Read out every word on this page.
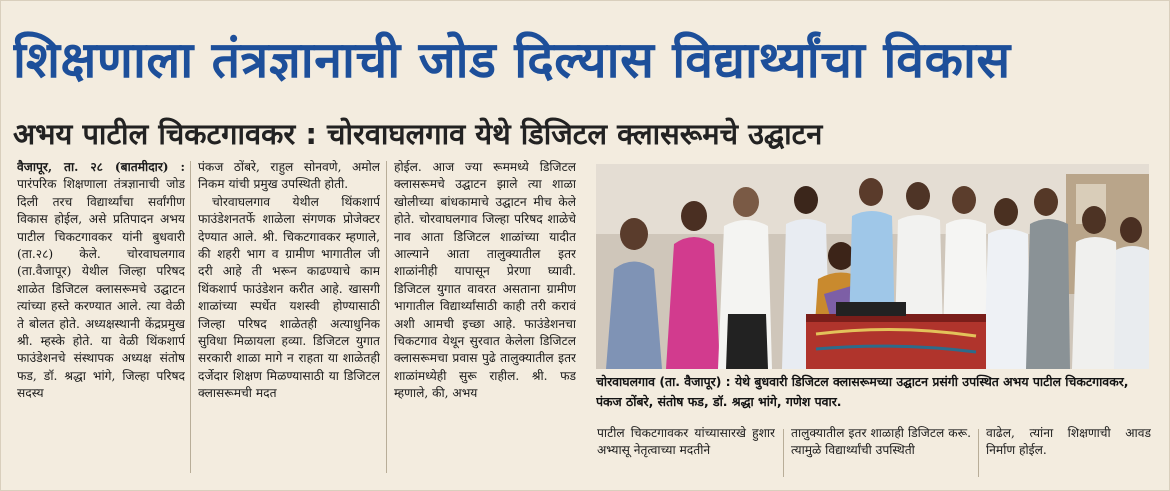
शिक्षणाला तंत्रज्ञानाची जोड दिल्यास विद्यार्थ्यांचा विकास
अभय पाटील चिकटगावकर : चोरवाघलगाव येथे डिजिटल क्लासरूमचे उद्घाटन

वैजापूर, ता. २८ (बातमीदार) : पारंपरिक शिक्षणाला तंत्रज्ञानाची जोड दिली तरच विद्यार्थ्यांचा सर्वांगीण विकास होईल, असे प्रतिपादन अभय पाटील चिकटगावकर यांनी बुधवारी (ता.२८) केले. चोरवाघलगाव (ता.वैजापूर) येथील जिल्हा परिषद शाळेत डिजिटल क्लासरूमचे उद्घाटन त्यांच्या हस्ते करण्यात आले. त्या वेळी ते बोलत होते. अध्यक्षस्थानी केंद्रप्रमुख श्री. म्हस्के होते. या वेळी थिंकशार्प फाउंडेशनचे संस्थापक अध्यक्ष संतोष फड, डॉ. श्रद्धा भांगे, जिल्हा परिषद सदस्य

पंकज ठोंबरे, राहुल सोनवणे, अमोल निकम यांची प्रमुख उपस्थिती होती.

चोरवाघलगाव येथील थिंकशार्प फाउंडेशनतर्फे शाळेला संगणक प्रोजेक्टर देण्यात आले. श्री. चिकटगावकर म्हणाले, की शहरी भाग व ग्रामीण भागातील जी दरी आहे ती भरून काढण्याचे काम थिंकशार्प फाउंडेशन करीत आहे. खासगी शाळांच्या स्पर्धेत यशस्वी होण्यासाठी जिल्हा परिषद शाळेतही अत्याधुनिक सुविधा मिळायला हव्या. डिजिटल युगात सरकारी शाळा मागे न राहता या शाळेतही दर्जेदार शिक्षण मिळण्यासाठी या डिजिटल क्लासरूमची मदत

होईल. आज ज्या रूममध्ये डिजिटल क्लासरूमचे उद्घाटन झाले त्या शाळा खोलीच्या बांधकामाचे उद्घाटन मीच केले होते. चोरवाघलगाव जिल्हा परिषद शाळेचे नाव आता डिजिटल शाळांच्या यादीत आल्याने आता तालुक्यातील इतर शाळांनीही यापासून प्रेरणा घ्यावी. डिजिटल युगात वावरत असताना ग्रामीण भागातील विद्यार्थ्यांसाठी काही तरी करावं अशी आमची इच्छा आहे. फाउंडेशनचा चिकटगाव येथून सुरवात केलेला डिजिटल क्लासरूमचा प्रवास पुढे तालुक्यातील इतर शाळांमध्येही सुरू राहील. श्री. फड म्हणाले, की, अभय

चोरवाघलगाव (ता. वैजापूर) : येथे बुधवारी डिजिटल क्लासरूमच्या उद्घाटन प्रसंगी उपस्थित अभय पाटील चिकटगावकर, पंकज ठोंबरे, संतोष फड, डॉ. श्रद्धा भांगे, गणेश पवार.
पाटील चिकटगावकर यांच्यासारखे हुशार अभ्यासू नेतृत्वाच्या मदतीने
तालुक्यातील इतर शाळाही डिजिटल करू. त्यामुळे विद्यार्थ्यांची उपस्थिती
वाढेल, त्यांना शिक्षणाची आवड निर्माण होईल.
